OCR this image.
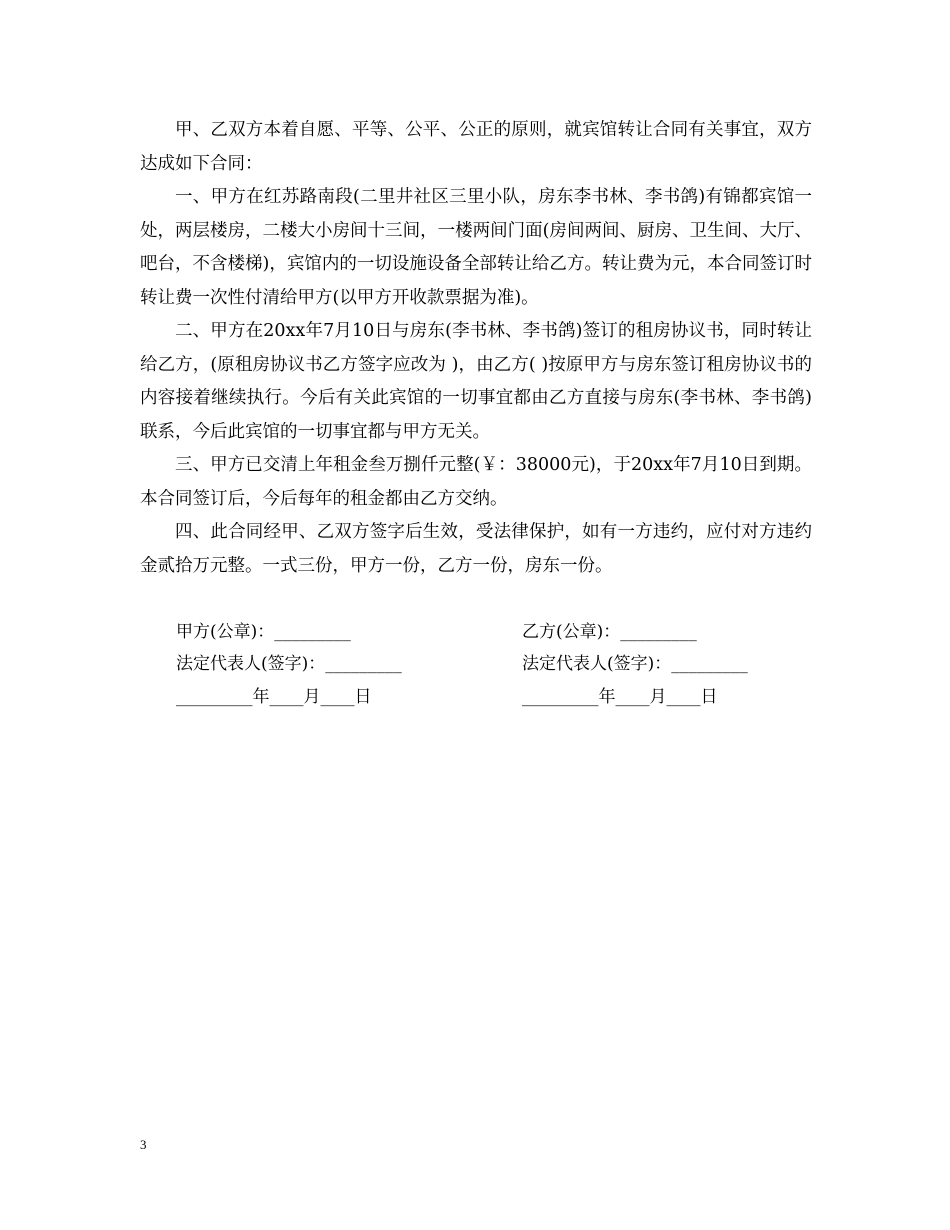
甲、乙双方本着自愿、平等、公平、公正的原则，就宾馆转让合同有关事宜，双方达成如下合同：

一、甲方在红苏路南段(二里井社区三里小队，房东李书林、李书鸽)有锦都宾馆一处，两层楼房，二楼大小房间十三间，一楼两间门面(房间两间、厨房、卫生间、大厅、吧台，不含楼梯)，宾馆内的一切设施设备全部转让给乙方。转让费为元，本合同签订时转让费一次性付清给甲方(以甲方开收款票据为准)。

二、甲方在20xx年7月10日与房东(李书林、李书鸽)签订的租房协议书，同时转让给乙方，(原租房协议书乙方签字应改为 )，由乙方( )按原甲方与房东签订租房协议书的内容接着继续执行。今后有关此宾馆的一切事宜都由乙方直接与房东(李书林、李书鸽)联系，今后此宾馆的一切事宜都与甲方无关。

三、甲方已交清上年租金叁万捌仟元整(￥：38000元)，于20xx年7月10日到期。本合同签订后，今后每年的租金都由乙方交纳。

四、此合同经甲、乙双方签字后生效，受法律保护，如有一方违约，应付对方违约金贰拾万元整。一式三份，甲方一份，乙方一份，房东一份。

甲方(公章)：_________	乙方(公章)：_________
法定代表人(签字)：_________	法定代表人(签字)：_________
_________年____月____日	_________年____月____日
3
